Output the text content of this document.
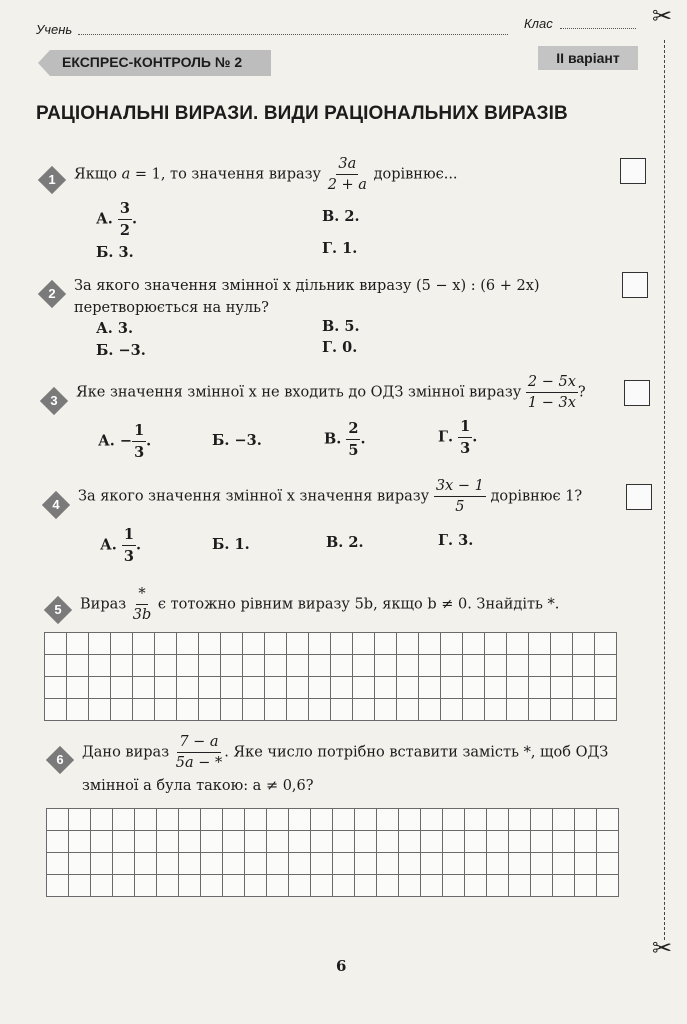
Учень	Клас
ЕКСПРЕС-КОНТРОЛЬ № 2	II варіант
РАЦІОНАЛЬНІ ВИРАЗИ. ВИДИ РАЦІОНАЛЬНИХ ВИРАЗІВ
✂
✂
1	Якщо a = 1, то значення виразу $\frac{3a}{2 + a}$ дорівнює...
А. $\frac{3}{2}$ .
Б. 3.
В. 2.
Г. 1.
2	За якого значення змінної x дільник виразу (5 − x) : (6 + 2x)
перетворюється на нуль?
А. 3.
Б. −3.
В. 5.
Г. 0.
3	Яке значення змінної x не входить до ОДЗ змінної виразу $\frac{2 - 5x}{1 - 3x}$ ?
А. − $\frac{1}{3}$ .	Б. −3.	В. $\frac{2}{5}$ .	Г. $\frac{1}{3}$ .
4	За якого значення змінної x значення виразу $\frac{3x - 1}{5}$ дорівнює 1?
А. $\frac{1}{3}$ .	Б. 1.	В. 2.	Г. 3.
5	Вираз $\frac{*}{3b}$ є тотожно рівним виразу 5b, якщо b ≠ 0. Знайдіть *.
6	Дано вираз $\frac{7 - a}{5a - *}$ . Яке число потрібно вставити замість *, щоб ОДЗ
змінної a була такою: a ≠ 0,6?
6
